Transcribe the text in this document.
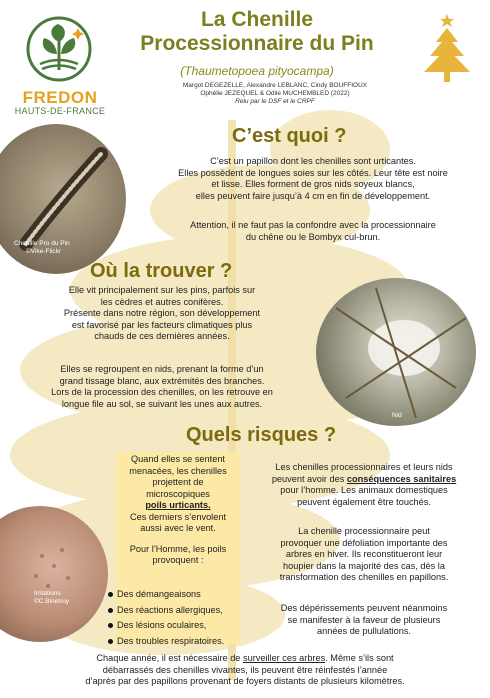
FREDON
HAUTS-DE-FRANCE
La Chenille
Processionnaire du Pin
(Thaumetopoea pityocampa)
Margot DEGEZELLE, Alexandre LEBLANC, Cindy BOUFFIOUX
Ophélie JEZEQUEL & Odile MUCHEMBLED (2022)
Relu par le DSF et le CRPF
Chenille Pro du Pin
©Vike-Flickr
C’est quoi ?
C’est un papillon dont les chenilles sont urticantes.
Elles possèdent de longues soies sur les côtés. Leur tête est noire
et lisse. Elles forment de gros nids soyeux blancs,
elles peuvent faire jusqu’à 4 cm en fin de développement.
Attention, il ne faut pas la confondre avec la processionnaire
du chêne ou le Bombyx cul-brun.
Où la trouver ?
Elle vit principalement sur les pins, parfois sur
les cèdres et autres conifères.
Présente dans notre région, son développement
est favorisé par les facteurs climatiques plus
chauds de ces dernières années.
Elles se regroupent en nids, prenant la forme d’un
grand tissage blanc, aux extrémités des branches.
Lors de la procession des chenilles, on les retrouve en
longue file au sol, se suivant les unes aux autres.
Nid
Quels risques ?
Quand elles se sentent
menacées, les chenilles
projettent de
microscopiques
poils urticants.
Ces derniers s’envolent
aussi avec le vent.
Pour l’Homme, les poils
provoquent :
Irritations
©C.Binetruy
Des démangeaisons
Des réactions allergiques,
Des lésions oculaires,
Des troubles respiratoires.
Les chenilles processionnaires et leurs nids
peuvent avoir des conséquences sanitaires
pour l’homme. Les animaux domestiques
peuvent également être touchés.
La chenille processionnaire peut
provoquer une défoliation importante des
arbres en hiver. Ils reconstitueront leur
houpier dans la majorité des cas, dès la
transformation des chenilles en papillons.
Des dépérissements peuvent néanmoins
se manifester à la faveur de plusieurs
années de pullulations.
Chaque année, il est nécessaire de surveiller ces arbres. Même s’ils sont
débarrassés des chenilles vivantes, ils peuvent être réinfestés l’année
d’après par des papillons provenant de foyers distants de plusieurs kilomètres.
